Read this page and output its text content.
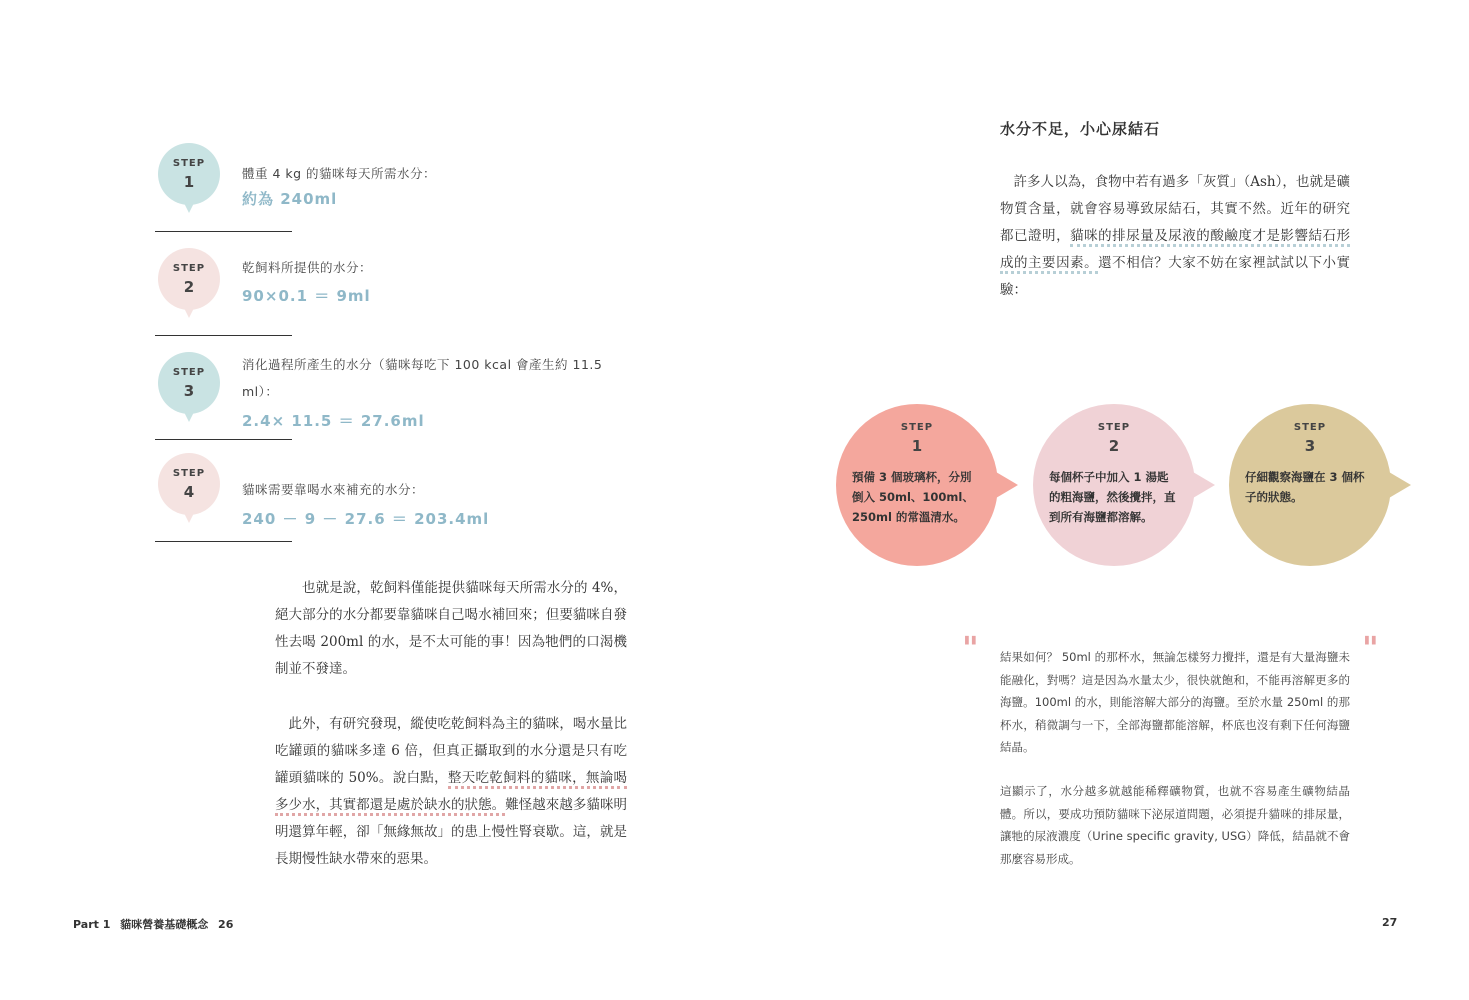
STEP
1	體重 4 kg 的貓咪每天所需水分：
約為 240ml
STEP
2
乾飼料所提供的水分：
90×0.1 ＝ 9ml
STEP
3
消化過程所產生的水分（貓咪每吃下 100 kcal 會產生約 11.5 ml）：
2.4× 11.5 ＝ 27.6ml
STEP
4	貓咪需要靠喝水來補充的水分：
240 － 9 － 27.6 ＝ 203.4ml
也就是說，乾飼料僅能提供貓咪每天所需水分的 4%，絕大部分的水分都要靠貓咪自己喝水補回來；但要貓咪自發性去喝 200ml 的水，是不太可能的事！因為牠們的口渴機制並不發達。
此外，有研究發現，縱使吃乾飼料為主的貓咪，喝水量比吃罐頭的貓咪多達 6 倍，但真正攝取到的水分還是只有吃罐頭貓咪的 50%。說白點，整天吃乾飼料的貓咪，無論喝多少水，其實都還是處於缺水的狀態。難怪越來越多貓咪明明還算年輕，卻「無緣無故」的患上慢性腎衰歇。這，就是長期慢性缺水帶來的惡果。
Part 1 貓咪營養基礎概念 26
水分不足，小心尿結石
許多人以為，食物中若有過多「灰質」（Ash），也就是礦物質含量，就會容易導致尿結石，其實不然。近年的研究都已證明，貓咪的排尿量及尿液的酸鹼度才是影響結石形成的主要因素。還不相信？大家不妨在家裡試試以下小實驗：
STEP
1
預備 3 個玻璃杯，分別倒入 50ml、100ml、250ml 的常溫清水。
STEP
2
每個杯子中加入 1 湯匙的粗海鹽，然後攪拌，直到所有海鹽都溶解。
STEP
3
仔細觀察海鹽在 3 個杯子的狀態。
"	"
結果如何？ 50ml 的那杯水，無論怎樣努力攪拌，還是有大量海鹽未能融化，對嗎？這是因為水量太少，很快就飽和，不能再溶解更多的海鹽。100ml 的水，則能溶解大部分的海鹽。至於水量 250ml 的那杯水，稍微調勻一下，全部海鹽都能溶解，杯底也沒有剩下任何海鹽結晶。
這顯示了，水分越多就越能稀釋礦物質，也就不容易產生礦物結晶體。所以，要成功預防貓咪下泌尿道問題，必須提升貓咪的排尿量，讓牠的尿液濃度（Urine specific gravity, USG）降低，結晶就不會那麼容易形成。
27
